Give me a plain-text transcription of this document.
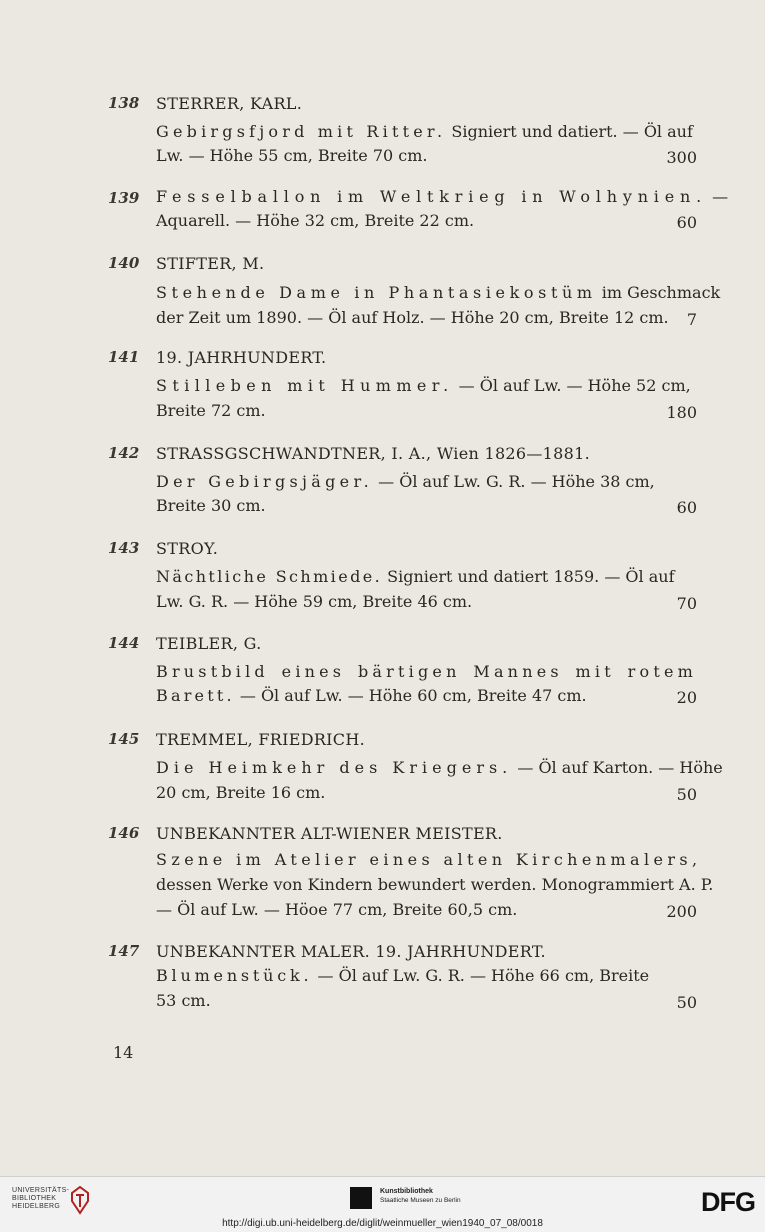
138 STERRER, KARL.
Gebirgsfjord mit Ritter. Signiert und datiert. — Öl auf
Lw. — Höhe 55 cm, Breite 70 cm.	300
139 Fesselballon im Weltkrieg in Wolhynien. —
Aquarell. — Höhe 32 cm, Breite 22 cm.	60
140 STIFTER, M.
Stehende Dame in Phantasiekostüm im Geschmack
der Zeit um 1890. — Öl auf Holz. — Höhe 20 cm, Breite 12 cm.	7
141 19. JAHRHUNDERT.
Stilleben mit Hummer. — Öl auf Lw. — Höhe 52 cm,
Breite 72 cm.	180
142 STRASSGSCHWANDTNER, I. A., Wien 1826—1881.
Der Gebirgsjäger. — Öl auf Lw. G. R. — Höhe 38 cm,
Breite 30 cm.	60
143 STROY.
Nächtliche Schmiede. Signiert und datiert 1859. — Öl auf
Lw. G. R. — Höhe 59 cm, Breite 46 cm.	70
144 TEIBLER, G.
Brustbild eines bärtigen Mannes mit rotem
Barett. — Öl auf Lw. — Höhe 60 cm, Breite 47 cm.	20
145 TREMMEL, FRIEDRICH.
Die Heimkehr des Kriegers. — Öl auf Karton. — Höhe
20 cm, Breite 16 cm.	50
146 UNBEKANNTER ALT-WIENER MEISTER.
Szene im Atelier eines alten Kirchenmalers,
dessen Werke von Kindern bewundert werden. Monogrammiert A. P.
— Öl auf Lw. — Höoe 77 cm, Breite 60,5 cm.	200
147 UNBEKANNTER MALER. 19. JAHRHUNDERT.
Blumenstück. — Öl auf Lw. G. R. — Höhe 66 cm, Breite
53 cm.	50
14
UNIVERSITÄTS-
BIBLIOTHEK
HEIDELBERG
Kunstbibliothek
Staatliche Museen zu Berlin	DFG
http://digi.ub.uni-heidelberg.de/diglit/weinmueller_wien1940_07_08/0018
